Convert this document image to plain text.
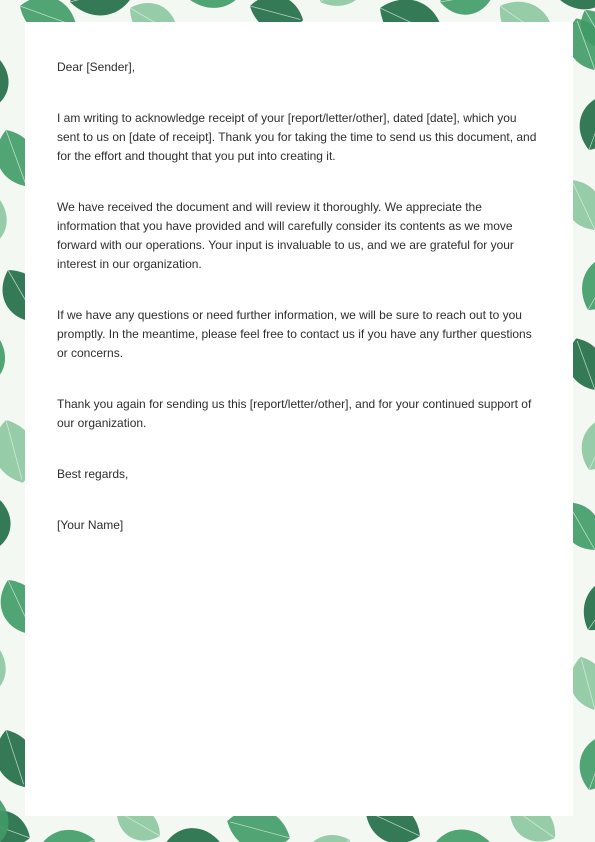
Dear [Sender],

I am writing to acknowledge receipt of your [report/letter/other], dated [date], which you sent to us on [date of receipt]. Thank you for taking the time to send us this document, and for the effort and thought that you put into creating it.

We have received the document and will review it thoroughly. We appreciate the information that you have provided and will carefully consider its contents as we move forward with our operations. Your input is invaluable to us, and we are grateful for your interest in our organization.

If we have any questions or need further information, we will be sure to reach out to you promptly. In the meantime, please feel free to contact us if you have any further questions or concerns.

Thank you again for sending us this [report/letter/other], and for your continued support of our organization.

Best regards,

[Your Name]
